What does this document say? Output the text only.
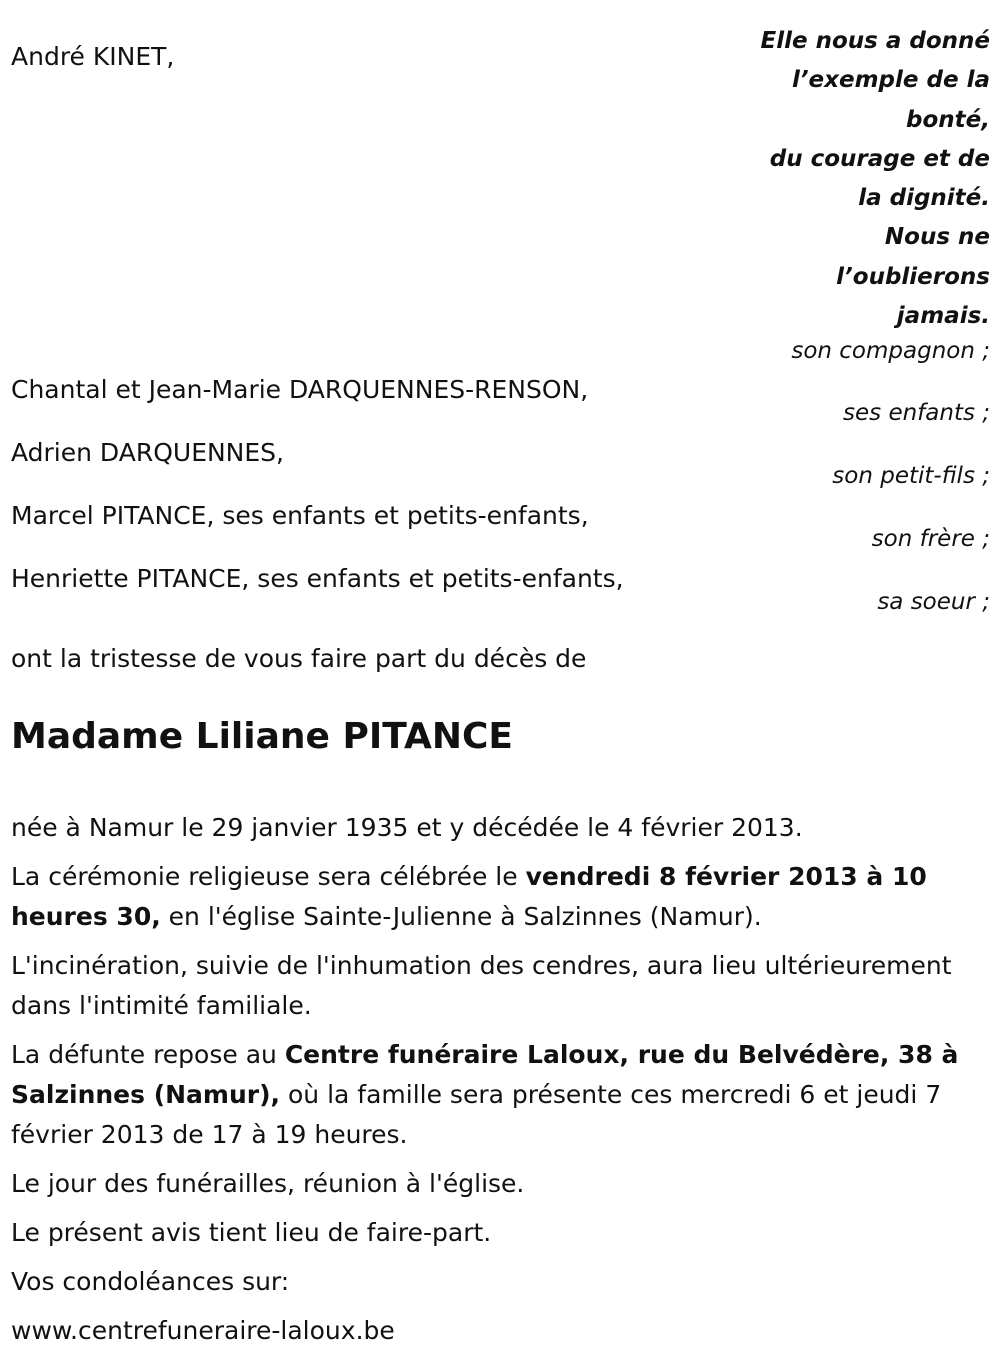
André KINET,

Chantal et Jean-Marie DARQUENNES-RENSON,

Adrien DARQUENNES,

Marcel PITANCE, ses enfants et petits-enfants,

Henriette PITANCE, ses enfants et petits-enfants,

Elle nous a donné
l’exemple de la
bonté,
du courage et de
la dignité.
Nous ne
l’oublierons
jamais.

son compagnon ;

ses enfants ;

son petit-fils ;

son frère ;

sa soeur ;

ont la tristesse de vous faire part du décès de

Madame Liliane PITANCE

née à Namur le 29 janvier 1935 et y décédée le 4 février 2013.

La cérémonie religieuse sera célébrée le vendredi 8 février 2013 à 10 heures 30, en l'église Sainte-Julienne à Salzinnes (Namur).

L'incinération, suivie de l'inhumation des cendres, aura lieu ultérieurement dans l'intimité familiale.

La défunte repose au Centre funéraire Laloux, rue du Belvédère, 38 à Salzinnes (Namur), où la famille sera présente ces mercredi 6 et jeudi 7 février 2013 de 17 à 19 heures.

Le jour des funérailles, réunion à l'église.

Le présent avis tient lieu de faire-part.

Vos condoléances sur:

www.centrefuneraire-laloux.be
